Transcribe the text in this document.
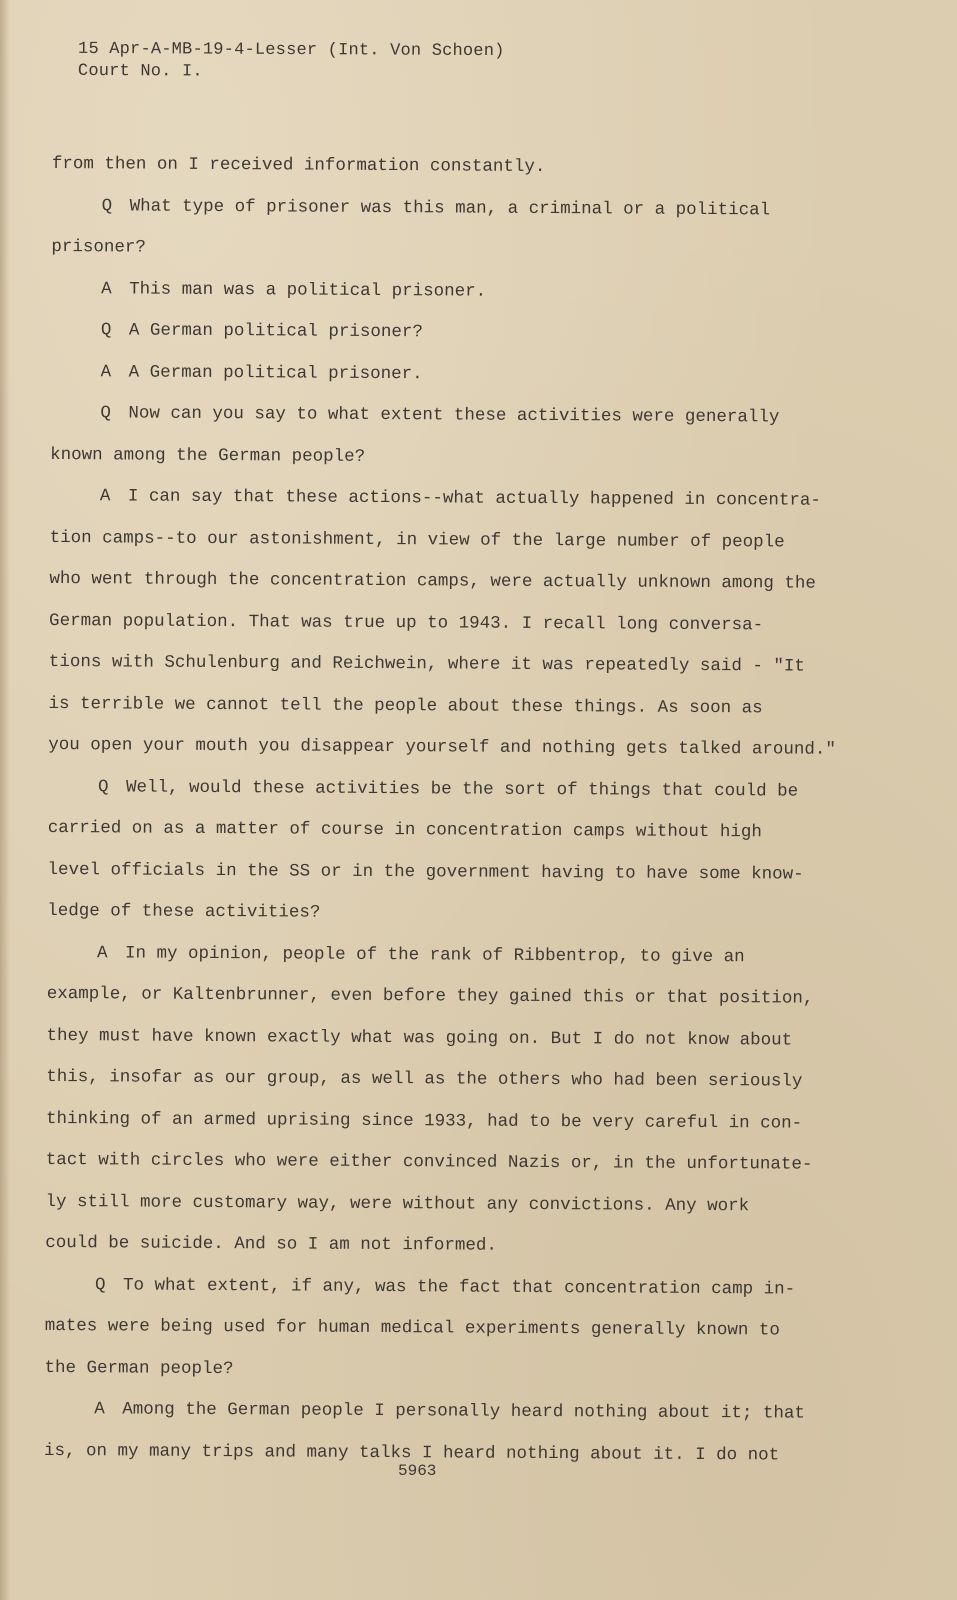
15 Apr-A-MB-19-4-Lesser (Int. Von Schoen)
Court No. I.
from then on I received information constantly.
Q What type of prisoner was this man, a criminal or a political
prisoner?
A This man was a political prisoner.
Q A German political prisoner?
A A German political prisoner.
Q Now can you say to what extent these activities were generally
known among the German people?
A I can say that these actions--what actually happened in concentra-
tion camps--to our astonishment, in view of the large number of people
who went through the concentration camps, were actually unknown among the
German population. That was true up to 1943. I recall long conversa-
tions with Schulenburg and Reichwein, where it was repeatedly said - "It
is terrible we cannot tell the people about these things. As soon as
you open your mouth you disappear yourself and nothing gets talked around."
Q Well, would these activities be the sort of things that could be
carried on as a matter of course in concentration camps without high
level officials in the SS or in the government having to have some know-
ledge of these activities?
A In my opinion, people of the rank of Ribbentrop, to give an
example, or Kaltenbrunner, even before they gained this or that position,
they must have known exactly what was going on. But I do not know about
this, insofar as our group, as well as the others who had been seriously
thinking of an armed uprising since 1933, had to be very careful in con-
tact with circles who were either convinced Nazis or, in the unfortunate-
ly still more customary way, were without any convictions. Any work
could be suicide. And so I am not informed.
Q To what extent, if any, was the fact that concentration camp in-
mates were being used for human medical experiments generally known to
the German people?
A Among the German people I personally heard nothing about it; that
is, on my many trips and many talks I heard nothing about it. I do not
5963
